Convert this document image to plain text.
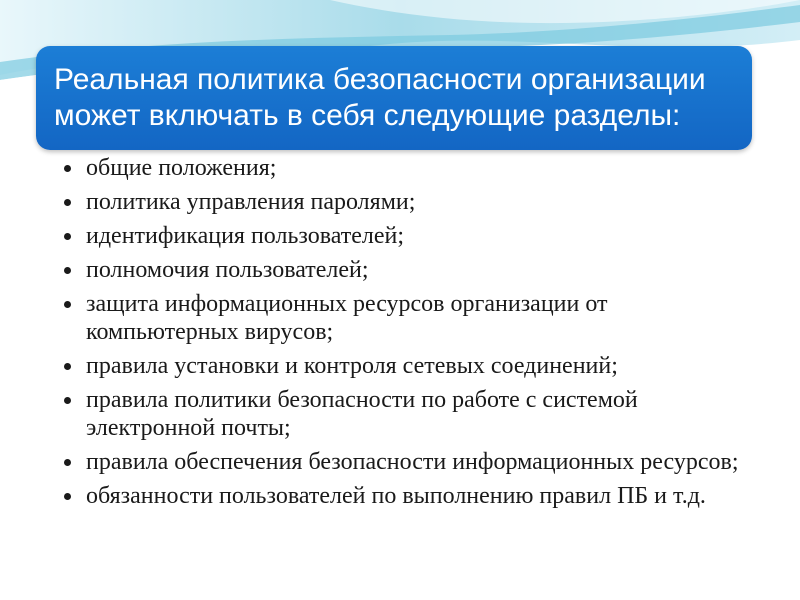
Реальная политика безопасности организации может включать в себя следующие разделы:
общие положения;
политика управления паролями;
идентификация пользователей;
полномочия пользователей;
защита информационных ресурсов организации от компьютерных вирусов;
правила установки и контроля сетевых соединений;
правила политики безопасности по работе с системой электронной почты;
правила обеспечения безопасности информационных ресурсов;
обязанности пользователей по выполнению правил ПБ и т.д.
